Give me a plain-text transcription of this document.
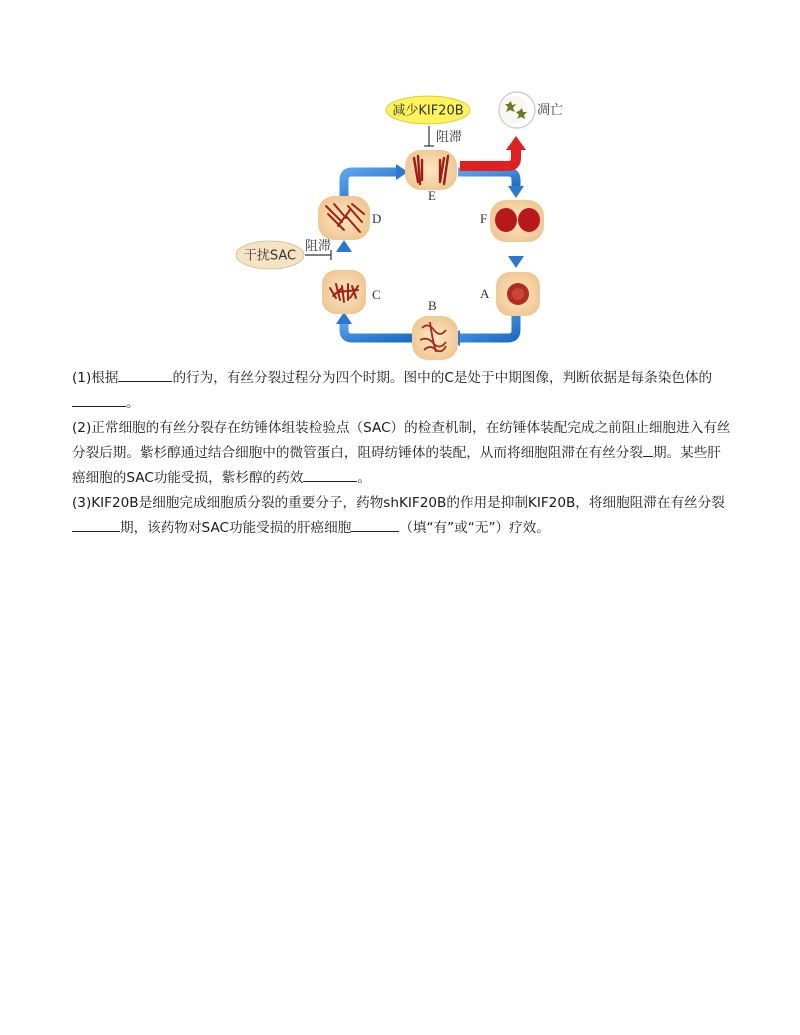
减少KIF20B
干扰SAC
阻滞
阻滞
凋亡
E
F
A
B
C
D

(1)根据	的行为，有丝分裂过程分为四个时期。图中的C是处于中期图像，判断依据是每条染色体的。

(2)正常细胞的有丝分裂存在纺锤体组装检验点（SAC）的检查机制，在纺锤体装配完成之前阻止细胞进入有丝分裂后期。紫杉醇通过结合细胞中的微管蛋白，阻碍纺锤体的装配，从而将细胞阻滞在有丝分裂 期。某些肝癌细胞的SAC功能受损，紫杉醇的药效	。

(3)KIF20B是细胞完成细胞质分裂的重要分子，药物shKIF20B的作用是抑制KIF20B，将细胞阻滞在有丝分裂期，该药物对SAC功能受损的肝癌细胞	（填“有”或“无”）疗效。
